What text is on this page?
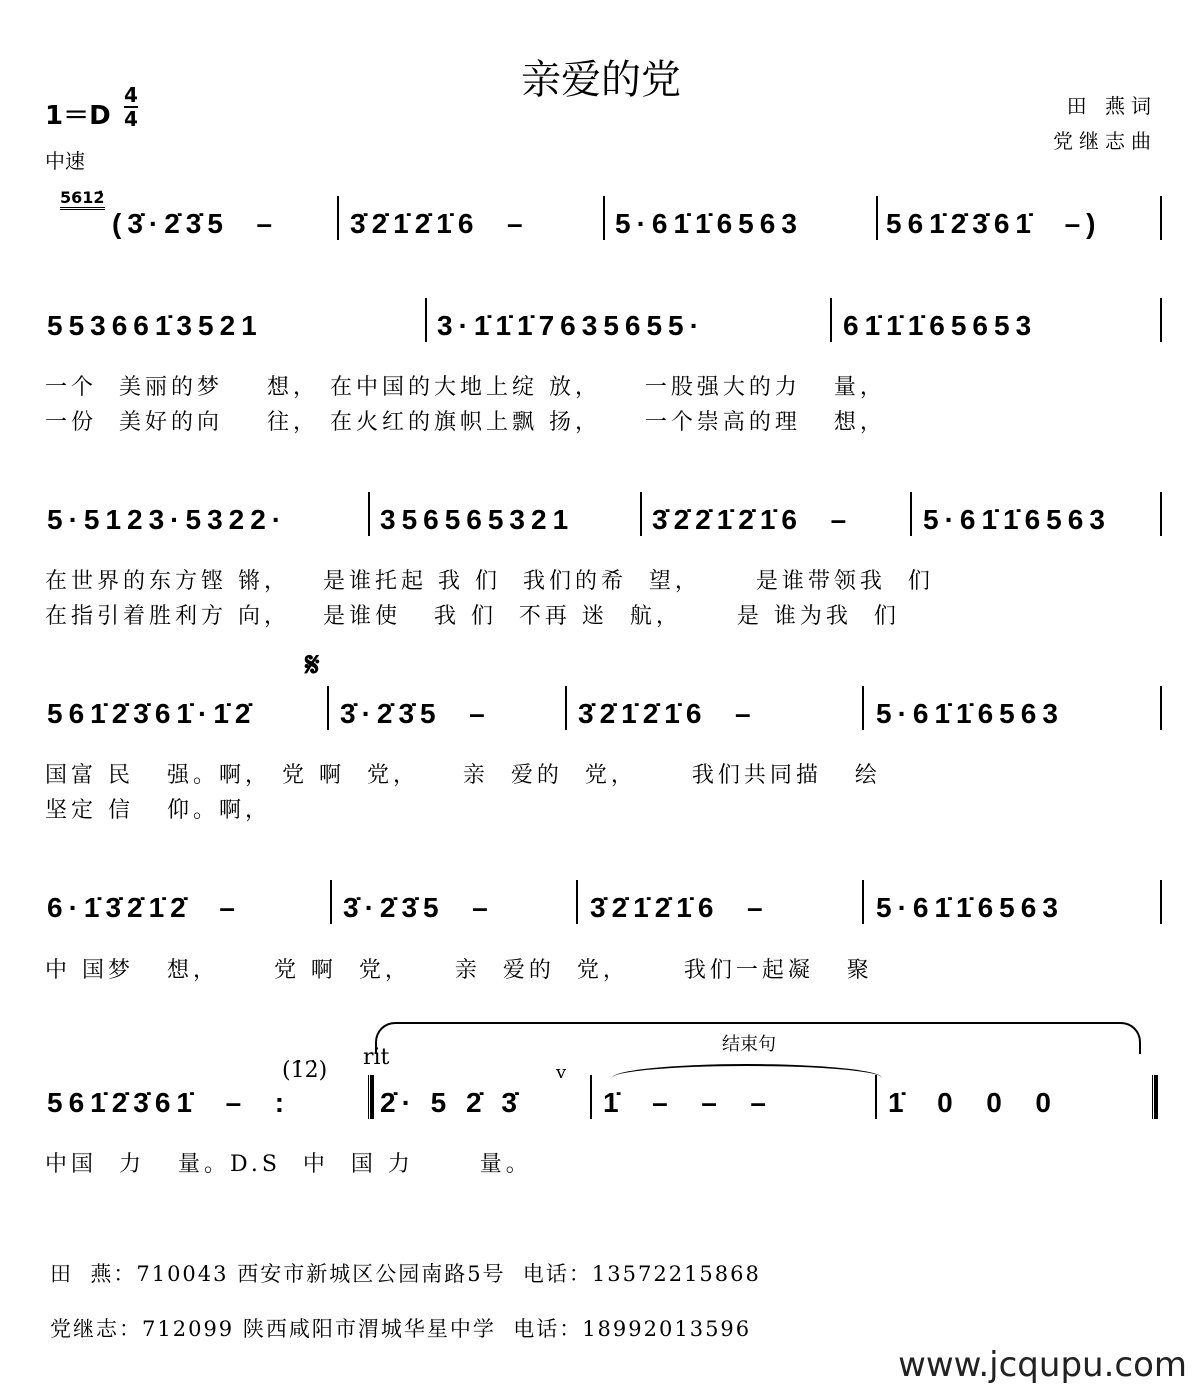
亲爱的党
1＝D
4
4
中速
田 燕词
党继志曲
5612̇
(3̇·2̇3̇5  –	3̇2̇1̇2̇1̇6  –	5·61̇1̇6563	561̇2̇3̇61̇  –)
553661̇3521	3·1̇1̇1̇7635655·	61̇1̇1̇65653
一个  美丽的梦    想， 在中国的大地上绽 放，    一股强大的力   量，
一份  美好的向    往， 在火红的旗帜上飘 扬，    一个崇高的理   想，
5·5123·5322·	356565321	3̇2̇2̇1̇2̇1̇6  –	5·61̇1̇6563
在世界的东方铿 锵，   是谁托起 我 们  我们的希  望，     是谁带领我  们
在指引着胜利方 向，   是谁使   我 们  不再 迷  航，     是 谁为我  们
𝄋
561̇2̇3̇61̇·1̇2̇	3̇·2̇3̇5  –	3̇2̇1̇2̇1̇6  –	5·61̇1̇6563
国富 民   强。啊， 党 啊  党，    亲  爱的  党，     我们共同描   绘
坚定 信   仰。啊，
6·1̇3̇2̇1̇2̇  –	3̇·2̇3̇5  –	3̇2̇1̇2̇1̇6  –	5·61̇1̇6563
中 国梦   想，     党 啊  党，    亲  爱的  党，     我们一起凝   聚
结束句
rit
(1̇2̇)	v
561̇2̇3̇61̇  –  :	2̇· 5 2̇ 3̇	1̇  –  –  –	1̇  0  0  0
中国  力   量。D.S  中  国 力      量。
田  燕：710043 西安市新城区公园南路5号  电话：13572215868
党继志：712099 陕西咸阳市渭城华星中学  电话：18992013596
www.jcqupu.com
